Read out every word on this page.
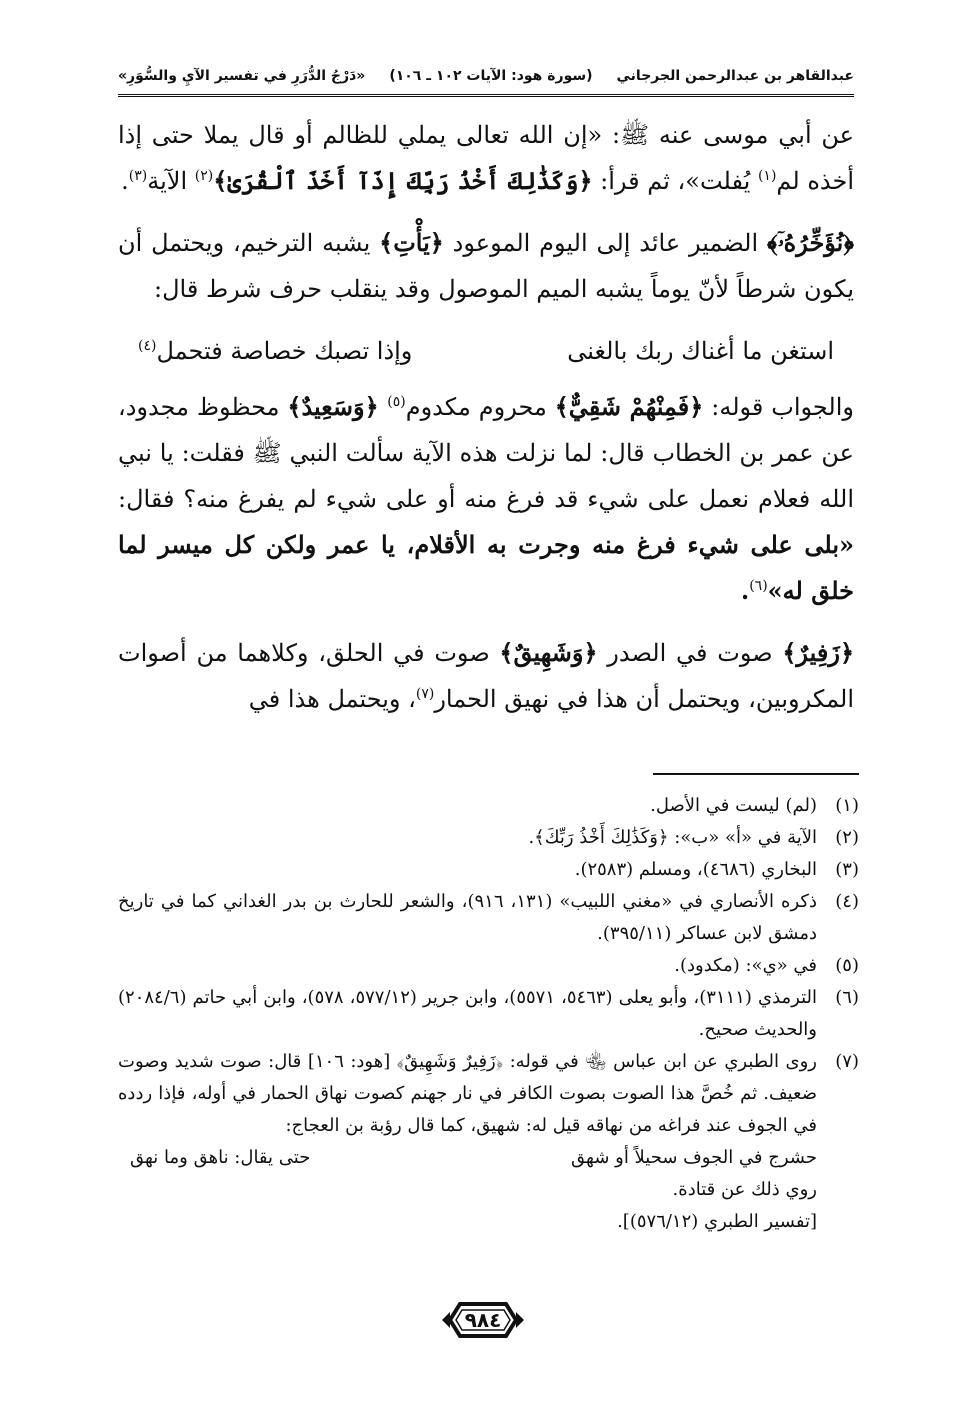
عبدالقاهر بن عبدالرحمن الجرجاني
(سورة هود: الآيات ١٠٢ ـ ١٠٦)
«دَرْجُ الدُّرَرِ في تفسير الآيِ والسُّوَرِ»

عن أبي موسى عنه ﷺ: «إن الله تعالى يملي للظالم أو قال يملا حتى إذا أخذه لم$^{(١)}$ يُفلت»، ثم قرأ: ﴿وَكَذَٰلِكَ أَخْذُ رَبِّكَ إِذَآ أَخَذَ ٱلْقُرَىٰ﴾$^{(٢)}$ الآية$^{(٣)}$.

﴿نُؤَخِّرُهُۥٓ﴾ الضمير عائد إلى اليوم الموعود ﴿يَأْتِ﴾ يشبه الترخيم، ويحتمل أن يكون شرطاً لأنّ يوماً يشبه الميم الموصول وقد ينقلب حرف شرط قال:

استغن ما أغناك ربك بالغنى
وإذا تصبك خصاصة فتحمل$^{(٤)}$

والجواب قوله: ﴿فَمِنْهُمْ شَقِيٌّ﴾ محروم مكدوم$^{(٥)}$ ﴿وَسَعِيدٌ﴾ محظوظ مجدود، عن عمر بن الخطاب قال: لما نزلت هذه الآية سألت النبي ﷺ فقلت: يا نبي الله فعلام نعمل على شيء قد فرغ منه أو على شيء لم يفرغ منه؟ فقال: «بلى على شيء فرغ منه وجرت به الأقلام، يا عمر ولكن كل ميسر لما خلق له»$^{(٦)}$.

﴿زَفِيرٌ﴾ صوت في الصدر ﴿وَشَهِيقٌ﴾ صوت في الحلق، وكلاهما من أصوات المكروبين، ويحتمل أن هذا في نهيق الحمار$^{(٧)}$، ويحتمل هذا في

(١)
(لم) ليست في الأصل.
(٢)
الآية في «أ» «ب»: ﴿وَكَذَٰلِكَ أَخْذُ رَبِّكَ﴾.
(٣)
البخاري (٤٦٨٦)، ومسلم (٢٥٨٣).
(٤)
ذكره الأنصاري في «مغني اللبيب» (١٣١، ٩١٦)، والشعر للحارث بن بدر الغداني كما في تاريخ دمشق لابن عساكر (٣٩٥/١١).
(٥)
في «ي»: (مكدود).
(٦)
الترمذي (٣١١١)، وأبو يعلى (٥٤٦٣، ٥٥٧١)، وابن جرير (٥٧٧/١٢، ٥٧٨)، وابن أبي حاتم (٢٠٨٤/٦) والحديث صحيح.
(٧)
روى الطبري عن ابن عباس ﵄ في قوله: ﴿زَفِيرٌ وَشَهِيقٌ﴾ [هود: ١٠٦] قال: صوت شديد وصوت ضعيف. ثم خُصَّ هذا الصوت بصوت الكافر في نار جهنم كصوت نهاق الحمار في أوله، فإذا ردده في الجوف عند فراغه من نهاقه قيل له: شهيق، كما قال رؤبة بن العجاج:
حشرج في الجوف سحيلاً أو شهق
حتى يقال: ناهق وما نهق
روي ذلك عن قتادة.
[تفسير الطبري (٥٧٦/١٢)].
٩٨٤
